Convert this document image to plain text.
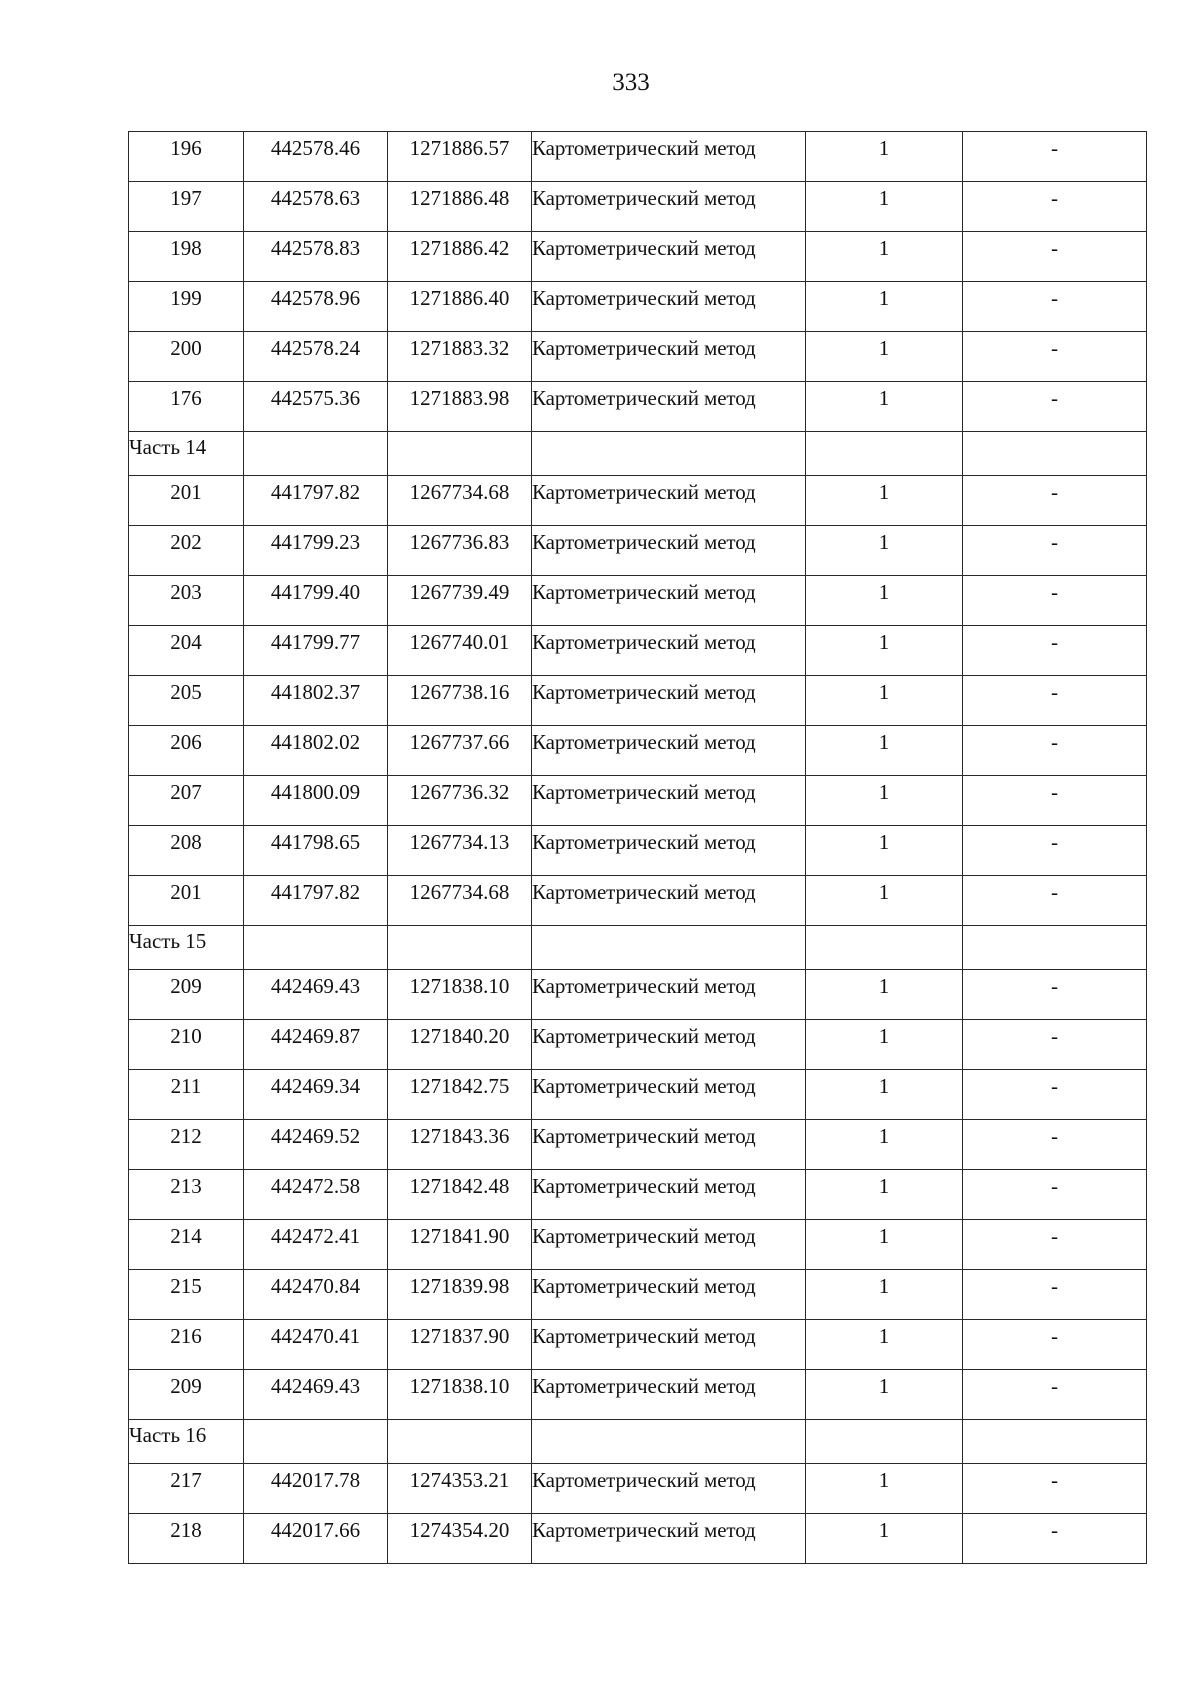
333
196	442578.46	1271886.57	Картометрический метод	1	-
197	442578.63	1271886.48	Картометрический метод	1	-
198	442578.83	1271886.42	Картометрический метод	1	-
199	442578.96	1271886.40	Картометрический метод	1	-
200	442578.24	1271883.32	Картометрический метод	1	-
176	442575.36	1271883.98	Картометрический метод	1	-
Часть 14					
201	441797.82	1267734.68	Картометрический метод	1	-
202	441799.23	1267736.83	Картометрический метод	1	-
203	441799.40	1267739.49	Картометрический метод	1	-
204	441799.77	1267740.01	Картометрический метод	1	-
205	441802.37	1267738.16	Картометрический метод	1	-
206	441802.02	1267737.66	Картометрический метод	1	-
207	441800.09	1267736.32	Картометрический метод	1	-
208	441798.65	1267734.13	Картометрический метод	1	-
201	441797.82	1267734.68	Картометрический метод	1	-
Часть 15					
209	442469.43	1271838.10	Картометрический метод	1	-
210	442469.87	1271840.20	Картометрический метод	1	-
211	442469.34	1271842.75	Картометрический метод	1	-
212	442469.52	1271843.36	Картометрический метод	1	-
213	442472.58	1271842.48	Картометрический метод	1	-
214	442472.41	1271841.90	Картометрический метод	1	-
215	442470.84	1271839.98	Картометрический метод	1	-
216	442470.41	1271837.90	Картометрический метод	1	-
209	442469.43	1271838.10	Картометрический метод	1	-
Часть 16					
217	442017.78	1274353.21	Картометрический метод	1	-
218	442017.66	1274354.20	Картометрический метод	1	-
